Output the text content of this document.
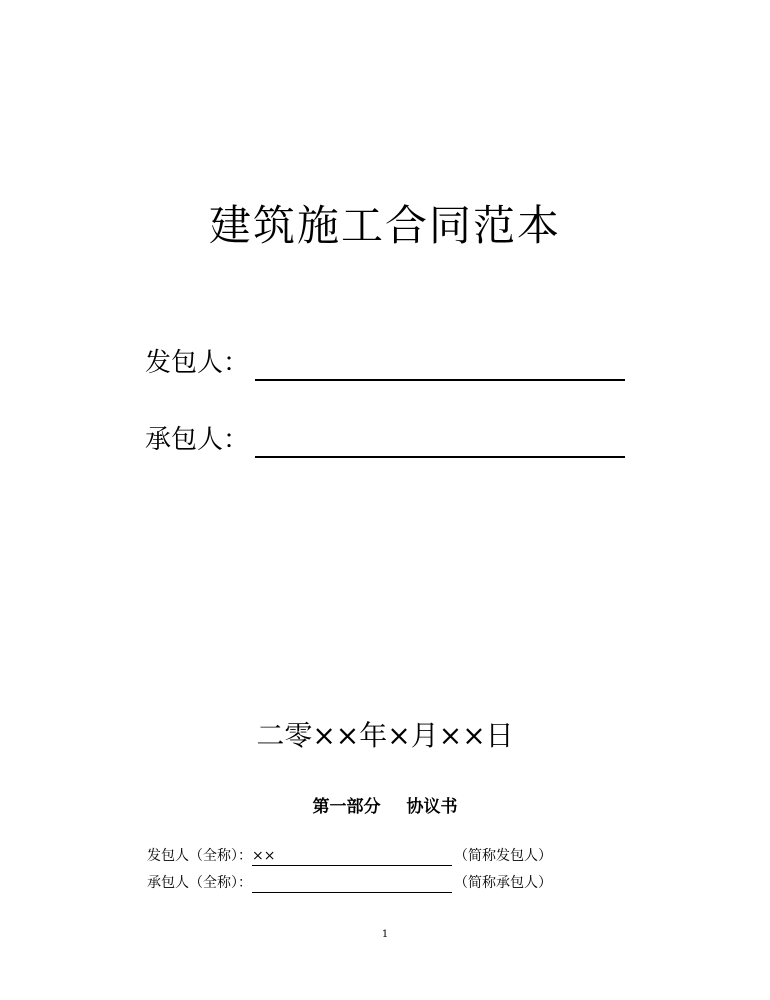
建筑施工合同范本
发包人：
承包人：
二零××年×月××日
第一部分 协议书
发包人（全称）： ××	（简称发包人）
承包人（全称）：	（简称承包人）
1
